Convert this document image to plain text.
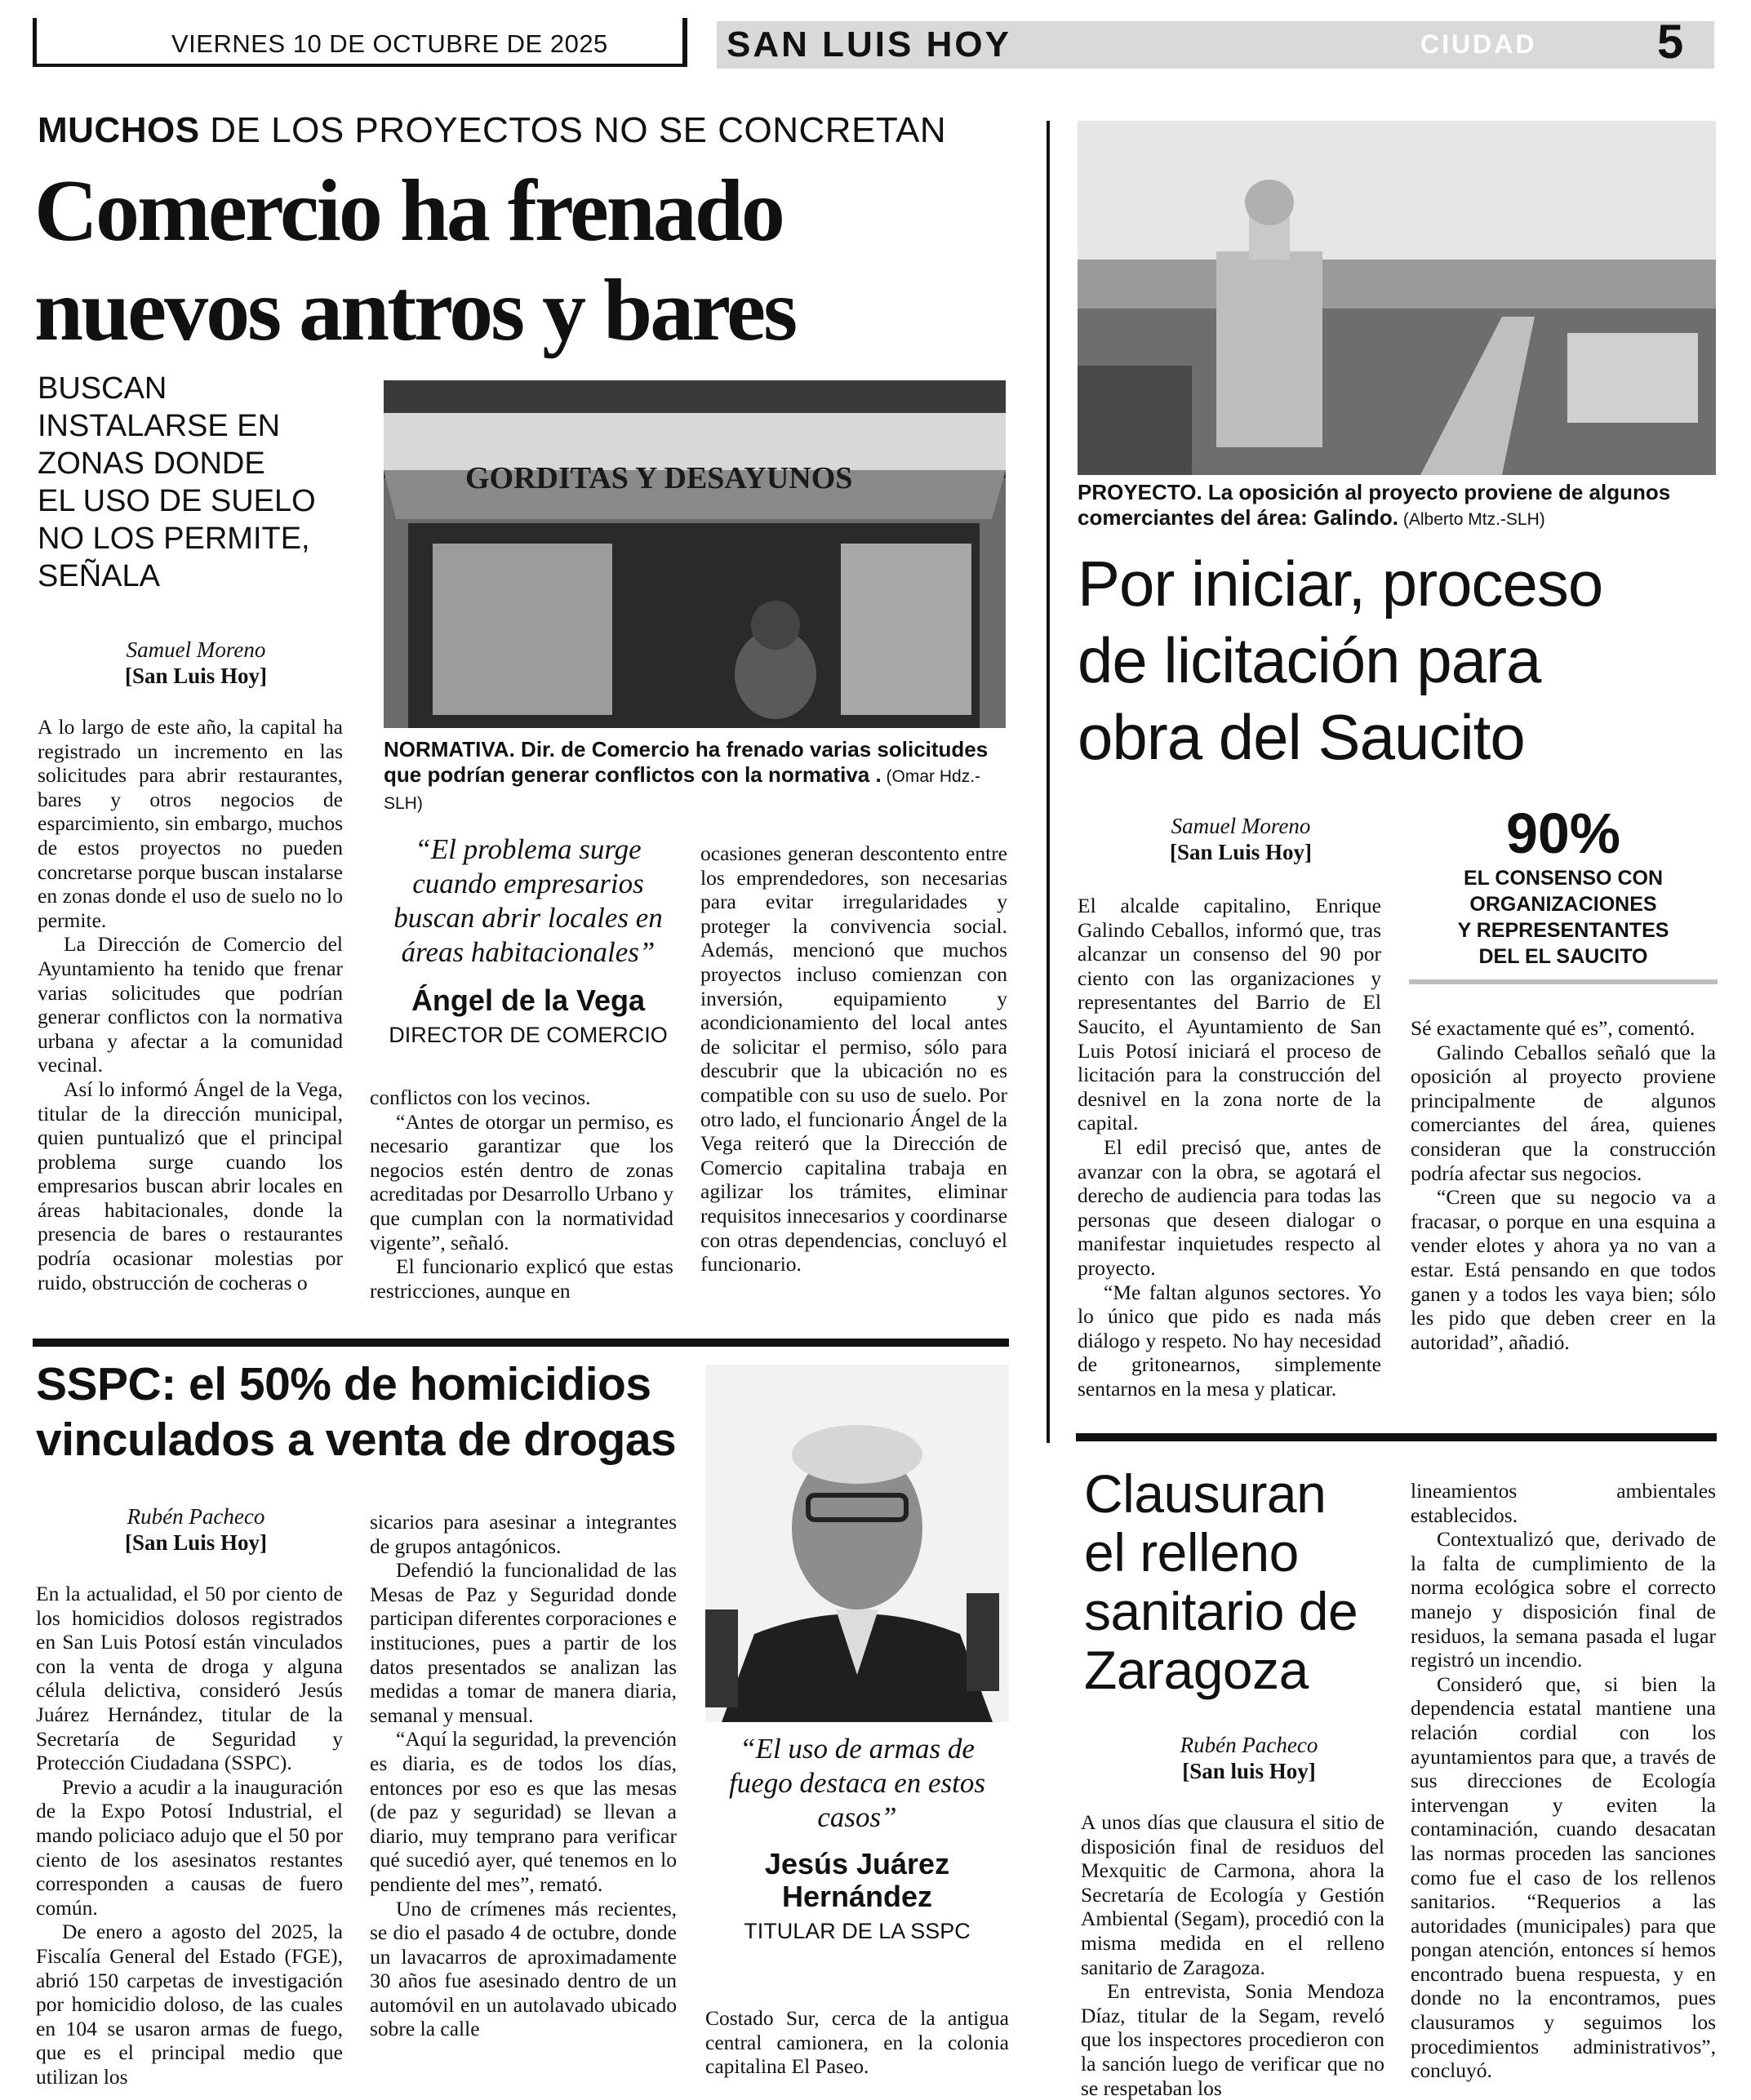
VIERNES 10 DE OCTUBRE DE 2025	SAN LUIS HOY	CIUDAD	5
MUCHOS DE LOS PROYECTOS NO SE CONCRETAN
Comercio ha frenado
nuevos antros y bares
BUSCAN
INSTALARSE EN
ZONAS DONDE
EL USO DE SUELO
NO LOS PERMITE,
SEÑALA
Samuel Moreno
[San Luis Hoy]
GORDITAS Y DESAYUNOS
NORMATIVA. Dir. de Comercio ha frenado varias solicitudes que podrían generar conflictos con la normativa . (Omar Hdz.-SLH)
“El problema surge cuando empresarios buscan abrir locales en áreas habitacionales”
Ángel de la Vega
DIRECTOR DE COMERCIO

A lo largo de este año, la capital ha registrado un incremento en las solicitudes para abrir restaurantes, bares y otros negocios de esparcimiento, sin embargo, muchos de estos proyectos no pueden concretarse porque buscan instalarse en zonas donde el uso de suelo no lo permite.

La Dirección de Comercio del Ayuntamiento ha tenido que frenar varias solicitudes que podrían generar conflictos con la normativa urbana y afectar a la comunidad vecinal.

Así lo informó Ángel de la Vega, titular de la dirección municipal, quien puntualizó que el principal problema surge cuando los empresarios buscan abrir locales en áreas habitacionales, donde la presencia de bares o restaurantes podría ocasionar molestias por ruido, obstrucción de cocheras o

conflictos con los vecinos.

“Antes de otorgar un permiso, es necesario garantizar que los negocios estén dentro de zonas acreditadas por Desarrollo Urbano y que cumplan con la normatividad vigente”, señaló.

El funcionario explicó que estas restricciones, aunque en

ocasiones generan descontento entre los emprendedores, son necesarias para evitar irregularidades y proteger la convivencia social. Además, mencionó que muchos proyectos incluso comienzan con inversión, equipamiento y acondicionamiento del local antes de solicitar el permiso, sólo para descubrir que la ubicación no es compatible con su uso de suelo. Por otro lado, el funcionario Ángel de la Vega reiteró que la Dirección de Comercio capitalina trabaja en agilizar los trámites, eliminar requisitos innecesarios y coordinarse con otras dependencias, concluyó el funcionario.

PROYECTO. La oposición al proyecto proviene de algunos comerciantes del área: Galindo. (Alberto Mtz.-SLH)
Por iniciar, proceso
de licitación para
obra del Saucito
Samuel Moreno
[San Luis Hoy]	90%
EL CONSENSO CON
ORGANIZACIONES
Y REPRESENTANTES
DEL EL SAUCITO

El alcalde capitalino, Enrique Galindo Ceballos, informó que, tras alcanzar un consenso del 90 por ciento con las organizaciones y representantes del Barrio de El Saucito, el Ayuntamiento de San Luis Potosí iniciará el proceso de licitación para la construcción del desnivel en la zona norte de la capital.

El edil precisó que, antes de avanzar con la obra, se agotará el derecho de audiencia para todas las personas que deseen dialogar o manifestar inquietudes respecto al proyecto.

“Me faltan algunos sectores. Yo lo único que pido es nada más diálogo y respeto. No hay necesidad de gritonearnos, simplemente sentarnos en la mesa y platicar.

Sé exactamente qué es”, comentó.

Galindo Ceballos señaló que la oposición al proyecto proviene principalmente de algunos comerciantes del área, quienes consideran que la construcción podría afectar sus negocios.

“Creen que su negocio va a fracasar, o porque en una esquina a vender elotes y ahora ya no van a estar. Está pensando en que todos ganen y a todos les vaya bien; sólo les pido que deben creer en la autoridad”, añadió.

SSPC: el 50% de homicidios
vinculados a venta de drogas
Rubén Pacheco
[San Luis Hoy]
“El uso de armas de fuego destaca en estos casos”
Jesús Juárez Hernández
TITULAR DE LA SSPC

En la actualidad, el 50 por ciento de los homicidios dolosos registrados en San Luis Potosí están vinculados con la venta de droga y alguna célula delictiva, consideró Jesús Juárez Hernández, titular de la Secretaría de Seguridad y Protección Ciudadana (SSPC).

Previo a acudir a la inauguración de la Expo Potosí Industrial, el mando policiaco adujo que el 50 por ciento de los asesinatos restantes corresponden a causas de fuero común.

De enero a agosto del 2025, la Fiscalía General del Estado (FGE), abrió 150 carpetas de investigación por homicidio doloso, de las cuales en 104 se usaron armas de fuego, que es el principal medio que utilizan los

sicarios para asesinar a integrantes de grupos antagónicos.

Defendió la funcionalidad de las Mesas de Paz y Seguridad donde participan diferentes corporaciones e instituciones, pues a partir de los datos presentados se analizan las medidas a tomar de manera diaria, semanal y mensual.

“Aquí la seguridad, la prevención es diaria, es de todos los días, entonces por eso es que las mesas (de paz y seguridad) se llevan a diario, muy temprano para verificar qué sucedió ayer, qué tenemos en lo pendiente del mes”, remató.

Uno de crímenes más recientes, se dio el pasado 4 de octubre, donde un lavacarros de aproximadamente 30 años fue asesinado dentro de un automóvil en un autolavado ubicado sobre la calle	Costado Sur, cerca de la antigua central camionera, en la colonia capitalina El Paseo.

Clausuran
el relleno
sanitario de
Zaragoza
Rubén Pacheco
[San luis Hoy]

A unos días que clausura el sitio de disposición final de residuos del Mexquitic de Carmona, ahora la Secretaría de Ecología y Gestión Ambiental (Segam), procedió con la misma medida en el relleno sanitario de Zaragoza.

En entrevista, Sonia Mendoza Díaz, titular de la Segam, reveló que los inspectores procedieron con la sanción luego de verificar que no se respetaban los

lineamientos ambientales establecidos.

Contextualizó que, derivado de la falta de cumplimiento de la norma ecológica sobre el correcto manejo y disposición final de residuos, la semana pasada el lugar registró un incendio.

Consideró que, si bien la dependencia estatal mantiene una relación cordial con los ayuntamientos para que, a través de sus direcciones de Ecología intervengan y eviten la contaminación, cuando desacatan las normas proceden las sanciones como fue el caso de los rellenos sanitarios. “Requerios a las autoridades (municipales) para que pongan atención, entonces sí hemos encontrado buena respuesta, y en donde no la encontramos, pues clausuramos y seguimos los procedimientos administrativos”, concluyó.
